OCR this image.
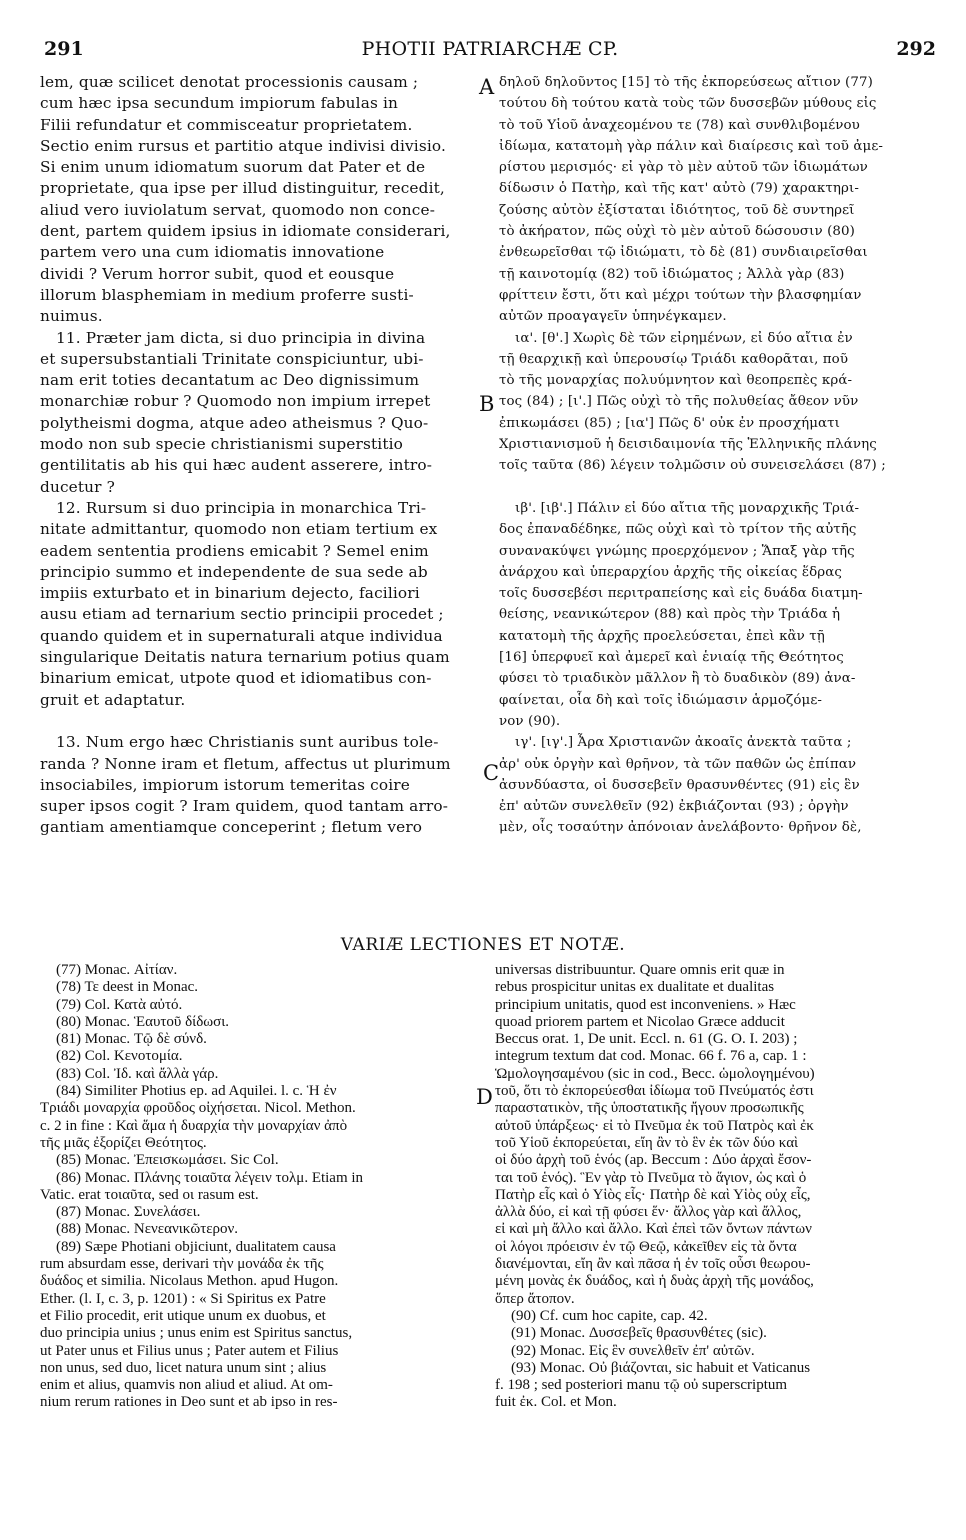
291	PHOTII PATRIARCHÆ CP.	292
lem, quæ scilicet denotat processionis causam ;
cum hæc ipsa secundum impiorum fabulas in
Filii refundatur et commisceatur proprietatem.
Sectio enim rursus et partitio atque indivisi divisio.
Si enim unum idiomatum suorum dat Pater et de
proprietate, qua ipse per illud distinguitur, recedit,
aliud vero iuviolatum servat, quomodo non conce-
dent, partem quidem ipsius in idiomate considerari,
partem vero una cum idiomatis innovatione
dividi ? Verum horror subit, quod et eousque
illorum blasphemiam in medium proferre susti-
nuimus.
11. Præter jam dicta, si duo principia in divina
et supersubstantiali Trinitate conspiciuntur, ubi-
nam erit toties decantatum ac Deo dignissimum
monarchiæ robur ? Quomodo non impium irrepet
polytheismi dogma, atque adeo atheismus ? Quo-
modo non sub specie christianismi superstitio
gentilitatis ab his qui hæc audent asserere, intro-
ducetur ?
12. Rursum si duo principia in monarchica Tri-
nitate admittantur, quomodo non etiam tertium ex
eadem sententia prodiens emicabit ? Semel enim
principio summo et independente de sua sede ab
impiis exturbato et in binarium dejecto, faciliori
ausu etiam ad ternarium sectio principii procedet ;
quando quidem et in supernaturali atque individua
singularique Deitatis natura ternarium potius quam
binarium emicat, utpote quod et idiomatibus con-
gruit et adaptatur.
13. Num ergo hæc Christianis sunt auribus tole-
randa ? Nonne iram et fletum, affectus ut plurimum
insociabiles, impiorum istorum temeritas coire
super ipsos cogit ? Iram quidem, quod tantam arro-
gantiam amentiamque conceperint ; fletum vero
δηλοῦ δηλοῦντος [15] τὸ τῆς ἐκπορεύσεως αἴτιον (77)
τούτου δὴ τούτου κατὰ τοὺς τῶν δυσσεβῶν μύθους εἰς
τὸ τοῦ Υἱοῦ ἀναχεομένου τε (78) καὶ συνθλιβομένου
ἰδίωμα, κατατομὴ γὰρ πάλιν καὶ διαίρεσις καὶ τοῦ ἀμε-
ρίστου μερισμός· εἰ γὰρ τὸ μὲν αὐτοῦ τῶν ἰδιωμάτων
δίδωσιν ὁ Πατὴρ, καὶ τῆς κατ' αὐτὸ (79) χαρακτηρι-
ζούσης αὐτὸν ἐξίσταται ἰδιότητος, τοῦ δὲ συντηρεῖ
τὸ ἀκήρατον, πῶς οὐχὶ τὸ μὲν αὐτοῦ δώσουσιν (80)
ἐνθεωρεῖσθαι τῷ ἰδιώματι, τὸ δὲ (81) συνδιαιρεῖσθαι
τῇ καινοτομίᾳ (82) τοῦ ἰδιώματος ; Ἀλλὰ γὰρ (83)
φρίττειν ἔστι, ὅτι καὶ μέχρι τούτων τὴν βλασφημίαν
αὐτῶν προαγαγεῖν ὑπηνέγκαμεν.
ια'. [θ'.] Χωρὶς δὲ τῶν εἰρημένων, εἰ δύο αἴτια ἐν
τῇ θεαρχικῇ καὶ ὑπερουσίῳ Τριάδι καθορᾶται, ποῦ
τὸ τῆς μοναρχίας πολυύμνητον καὶ θεοπρεπὲς κρά-
τος (84) ; [ι'.] Πῶς οὐχὶ τὸ τῆς πολυθείας ἄθεον νῦν
ἐπικωμάσει (85) ; [ια'] Πῶς δ' οὐκ ἐν προσχήματι
Χριστιανισμοῦ ἡ δεισιδαιμονία τῆς Ἑλληνικῆς πλάνης
τοῖς ταῦτα (86) λέγειν τολμῶσιν οὐ συνεισελάσει (87) ;
ιβ'. [ιβ'.] Πάλιν εἰ δύο αἴτια τῆς μοναρχικῆς Τριά-
δος ἐπαναδέδηκε, πῶς οὐχὶ καὶ τὸ τρίτον τῆς αὐτῆς
συνανακύψει γνώμης προερχόμενον ; Ἅπαξ γὰρ τῆς
ἀνάρχου καὶ ὑπεραρχίου ἀρχῆς τῆς οἰκείας ἕδρας
τοῖς δυσσεβέσι περιτραπείσης καὶ εἰς δυάδα διατμη-
θείσης, νεανικώτερον (88) καὶ πρὸς τὴν Τριάδα ἡ
κατατομὴ τῆς ἀρχῆς προελεύσεται, ἐπεὶ κἂν τῇ
[16] ὑπερφυεῖ καὶ ἀμερεῖ καὶ ἑνιαίᾳ τῆς Θεότητος
φύσει τὸ τριαδικὸν μᾶλλον ἢ τὸ δυαδικὸν (89) ἀνα-
φαίνεται, οἷα δὴ καὶ τοῖς ἰδιώμασιν ἁρμοζόμε-
νον (90).
ιγ'. [ιγ'.] Ἆρα Χριστιανῶν ἀκοαῖς ἀνεκτὰ ταῦτα ;
ἀρ' οὐκ ὀργὴν καὶ θρῆνον, τὰ τῶν παθῶν ὡς ἐπίπαν
ἀσυνδύαστα, οἱ δυσσεβεῖν θρασυνθέντες (91) εἰς ἓν
ἐπ' αὐτῶν συνελθεῖν (92) ἐκβιάζονται (93) ; ὀργὴν
μὲν, οἷς τοσαύτην ἀπόνοιαν ἀνελάβοντο· θρῆνον δὲ,
A
B
C
D
VARIÆ LECTIONES ET NOTÆ.
(77) Monac. Αἰτίαν.
(78) Τε deest in Monac.
(79) Col. Κατὰ αὐτό.
(80) Monac. Ἑαυτοῦ δίδωσι.
(81) Monac. Τῷ δὲ σύνδ.
(82) Col. Κενοτομία.
(83) Col. Ἰδ. καὶ ἄλλὰ γάρ.
(84) Similiter Photius ep. ad Aquilei. l. c. Ἡ ἐν
Τριάδι μοναρχία φροῦδος οἰχήσεται. Nicol. Methon.
c. 2 in fine : Καὶ ἅμα ἡ δυαρχία τὴν μοναρχίαν ἀπὸ
τῆς μιᾶς ἐξορίζει Θεότητος.
(85) Monac. Ἐπεισκωμάσει. Sic Col.
(86) Monac. Πλάνης τοιαῦτα λέγειν τολμ. Etiam in
Vatic. erat τοιαῦτα, sed οι rasum est.
(87) Monac. Συνελάσει.
(88) Monac. Νενεανικῶτερον.
(89) Sæpe Photiani objiciunt, dualitatem causa
rum absurdam esse, derivari τὴν μονάδα ἐκ τῆς
δυάδος et similia. Nicolaus Methon. apud Hugon.
Ether. (l. I, c. 3, p. 1201) : « Si Spiritus ex Patre
et Filio procedit, erit utique unum ex duobus, et
duo principia unius ; unus enim est Spiritus sanctus,
ut Pater unus et Filius unus ; Pater autem et Filius
non unus, sed duo, licet natura unum sint ; alius
enim et alius, quamvis non aliud et aliud. At om-
nium rerum rationes in Deo sunt et ab ipso in res-
universas distribuuntur. Quare omnis erit quæ in
rebus prospicitur unitas ex dualitate et dualitas
principium unitatis, quod est inconveniens. » Hæc
quoad priorem partem et Nicolao Græce adducit
Beccus orat. 1, De unit. Eccl. n. 61 (G. O. I. 203) ;
integrum textum dat cod. Monac. 66 f. 76 a, cap. 1 :
Ὡμολογησαμένου (sic in cod., Becc. ὡμολογημένου)
τοῦ, ὅτι τὸ ἐκπορεύεσθαι ἰδίωμα τοῦ Πνεύματός ἐστι
παραστατικὸν, τῆς ὑποστατικῆς ἤγουν προσωπικῆς
αὐτοῦ ὑπάρξεως· εἰ τὸ Πνεῦμα ἐκ τοῦ Πατρὸς καὶ ἐκ
τοῦ Υἱοῦ ἐκπορεύεται, εἴη ἂν τὸ ἓν ἐκ τῶν δύο καὶ
οἱ δύο ἀρχὴ τοῦ ἑνός (ap. Beccum : Δύο ἀρχαὶ ἔσον-
ται τοῦ ἑνός). Ἓν γὰρ τὸ Πνεῦμα τὸ ἅγιον, ὡς καὶ ὁ
Πατὴρ εἷς καὶ ὁ Υἱὸς εἷς· Πατὴρ δὲ καὶ Υἱὸς οὐχ εἷς,
ἀλλὰ δύο, εἰ καὶ τῇ φύσει ἕν· ἄλλος γὰρ καὶ ἄλλος,
εἰ καὶ μὴ ἄλλο καὶ ἄλλο. Καὶ ἐπεὶ τῶν ὄντων πάντων
οἱ λόγοι πρόεισιν ἐν τῷ Θεῷ, κἀκεῖθεν εἰς τὰ ὄντα
διανέμονται, εἴη ἂν καὶ πᾶσα ἡ ἐν τοῖς οὖσι θεωρου-
μένη μονὰς ἐκ δυάδος, καὶ ἡ δυὰς ἀρχὴ τῆς μονάδος,
ὅπερ ἄτοπον.
(90) Cf. cum hoc capite, cap. 42.
(91) Monac. Δυσσεβεῖς θρασυνθέτες (sic).
(92) Monac. Εἰς ἓν συνελθεῖν ἐπ' αὐτῶν.
(93) Monac. Οὐ βιάζονται, sic habuit et Vaticanus
f. 198 ; sed posteriori manu τῷ οὐ superscriptum
fuit ἐκ. Col. et Mon.
